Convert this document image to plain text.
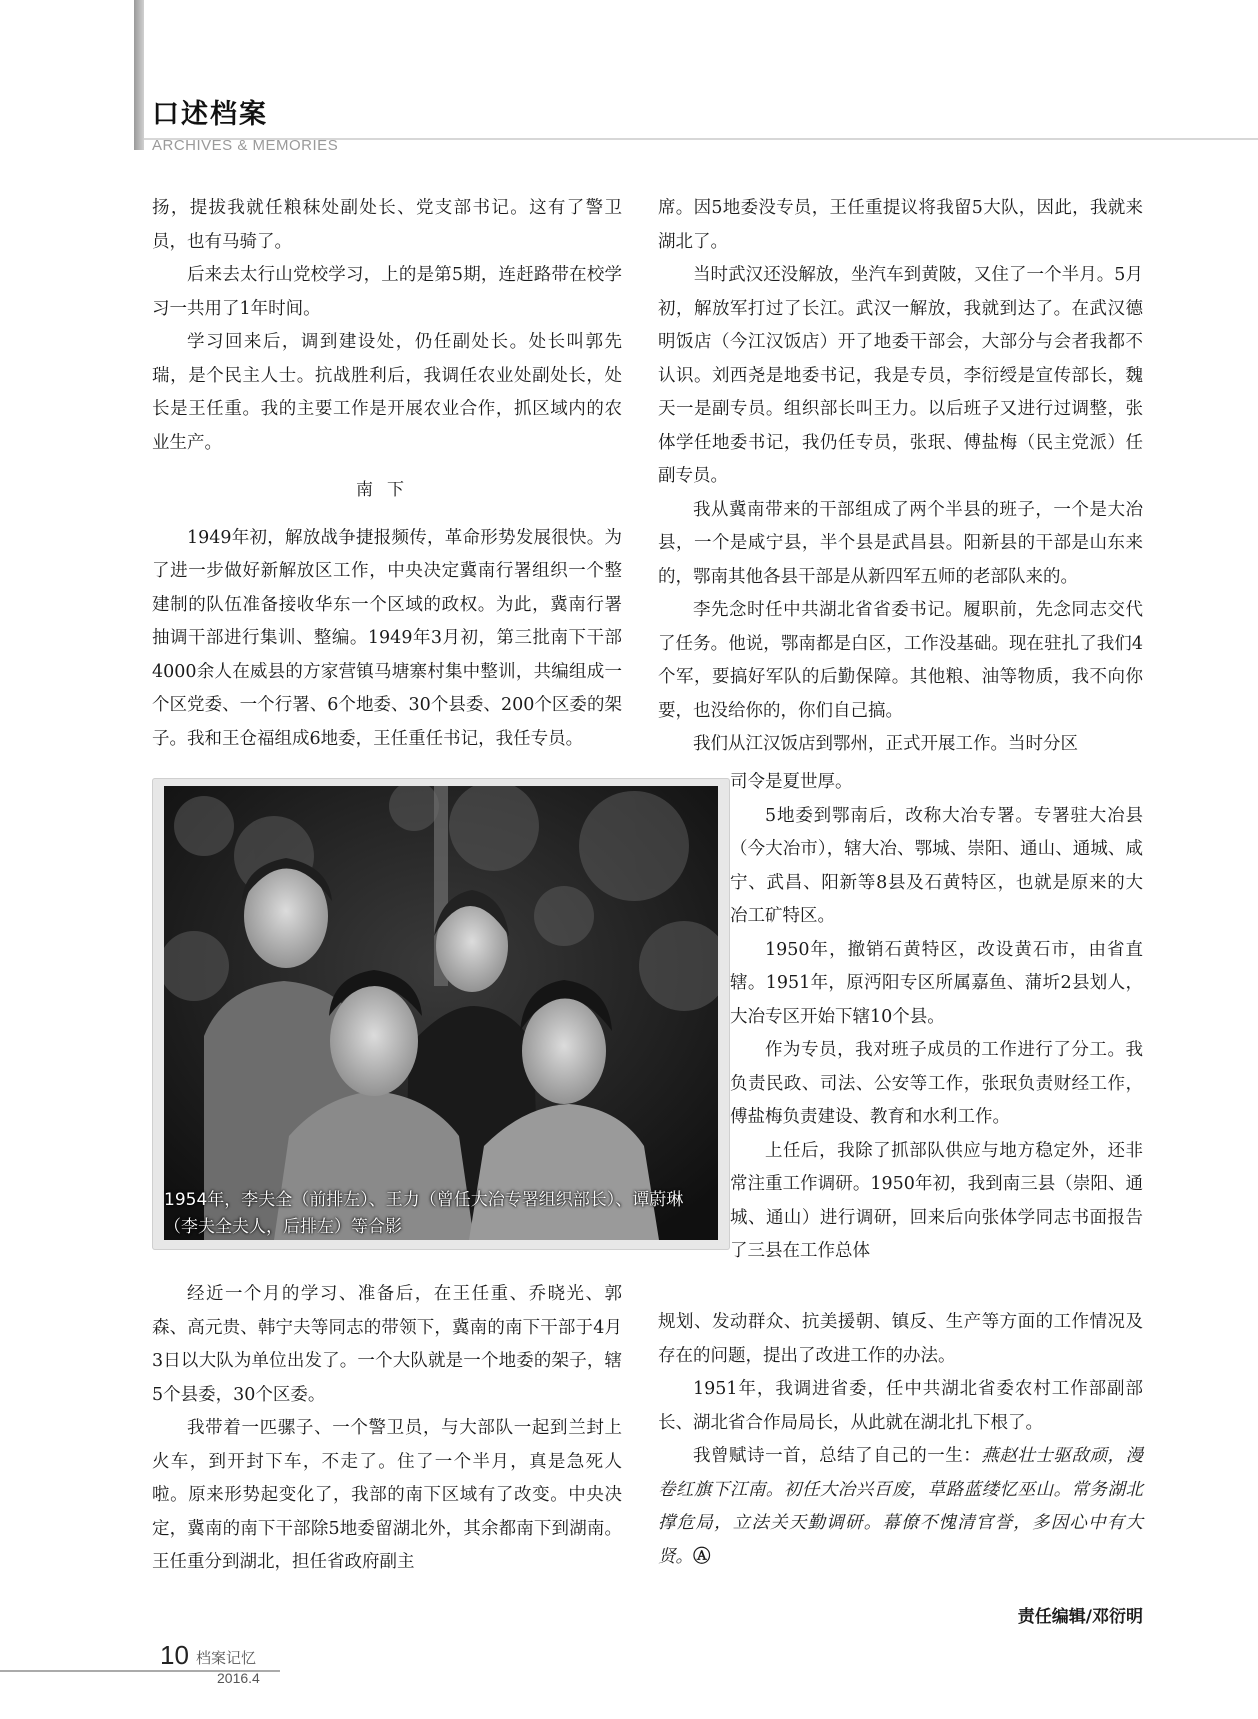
口述档案
ARCHIVES & MEMORIES

扬，提拔我就任粮秣处副处长、党支部书记。这有了警卫员，也有马骑了。

后来去太行山党校学习，上的是第5期，连赶路带在校学习一共用了1年时间。

学习回来后，调到建设处，仍任副处长。处长叫郭先瑞，是个民主人士。抗战胜利后，我调任农业处副处长，处长是王任重。我的主要工作是开展农业合作，抓区域内的农业生产。

南下

1949年初，解放战争捷报频传，革命形势发展很快。为了进一步做好新解放区工作，中央决定冀南行署组织一个整建制的队伍准备接收华东一个区域的政权。为此，冀南行署抽调干部进行集训、整编。1949年3月初，第三批南下干部4000余人在威县的方家营镇马塘寨村集中整训，共编组成一个区党委、一个行署、6个地委、30个县委、200个区委的架子。我和王仓福组成6地委，王任重任书记，我任专员。

1954年，李夫全（前排左）、王力（曾任大冶专署组织部长）、谭蔚琳（李夫全夫人，后排左）等合影

经近一个月的学习、准备后，在王任重、乔晓光、郭森、高元贵、韩宁夫等同志的带领下，冀南的南下干部于4月3日以大队为单位出发了。一个大队就是一个地委的架子，辖5个县委，30个区委。

我带着一匹骡子、一个警卫员，与大部队一起到兰封上火车，到开封下车，不走了。住了一个半月，真是急死人啦。原来形势起变化了，我部的南下区域有了改变。中央决定，冀南的南下干部除5地委留湖北外，其余都南下到湖南。王任重分到湖北，担任省政府副主

席。因5地委没专员，王任重提议将我留5大队，因此，我就来湖北了。

当时武汉还没解放，坐汽车到黄陂，又住了一个半月。5月初，解放军打过了长江。武汉一解放，我就到达了。在武汉德明饭店（今江汉饭店）开了地委干部会，大部分与会者我都不认识。刘西尧是地委书记，我是专员，李衍绶是宣传部长，魏天一是副专员。组织部长叫王力。以后班子又进行过调整，张体学任地委书记，我仍任专员，张珉、傅盐梅（民主党派）任副专员。

我从冀南带来的干部组成了两个半县的班子，一个是大冶县，一个是咸宁县，半个县是武昌县。阳新县的干部是山东来的，鄂南其他各县干部是从新四军五师的老部队来的。

李先念时任中共湖北省省委书记。履职前，先念同志交代了任务。他说，鄂南都是白区，工作没基础。现在驻扎了我们4个军，要搞好军队的后勤保障。其他粮、油等物质，我不向你要，也没给你的，你们自己搞。

我们从江汉饭店到鄂州，正式开展工作。当时分区

司令是夏世厚。

5地委到鄂南后，改称大冶专署。专署驻大冶县（今大冶市），辖大冶、鄂城、崇阳、通山、通城、咸宁、武昌、阳新等8县及石黄特区，也就是原来的大冶工矿特区。

1950年，撤销石黄特区，改设黄石市，由省直辖。1951年，原沔阳专区所属嘉鱼、蒲圻2县划人，大冶专区开始下辖10个县。

作为专员，我对班子成员的工作进行了分工。我负责民政、司法、公安等工作，张珉负责财经工作，傅盐梅负责建设、教育和水利工作。

上任后，我除了抓部队供应与地方稳定外，还非常注重工作调研。1950年初，我到南三县（崇阳、通城、通山）进行调研，回来后向张体学同志书面报告了三县在工作总体

规划、发动群众、抗美援朝、镇反、生产等方面的工作情况及存在的问题，提出了改进工作的办法。

1951年，我调进省委，任中共湖北省委农村工作部副部长、湖北省合作局局长，从此就在湖北扎下根了。

我曾赋诗一首，总结了自己的一生：燕赵壮士驱敌顽，漫卷红旗下江南。初任大冶兴百废，草路蓝缕忆巫山。常务湖北撑危局，立法关天勤调研。幕僚不愧清官誉，多因心中有大贤。Ⓐ

责任编辑/邓衍明
10 档案记忆
2016.4
